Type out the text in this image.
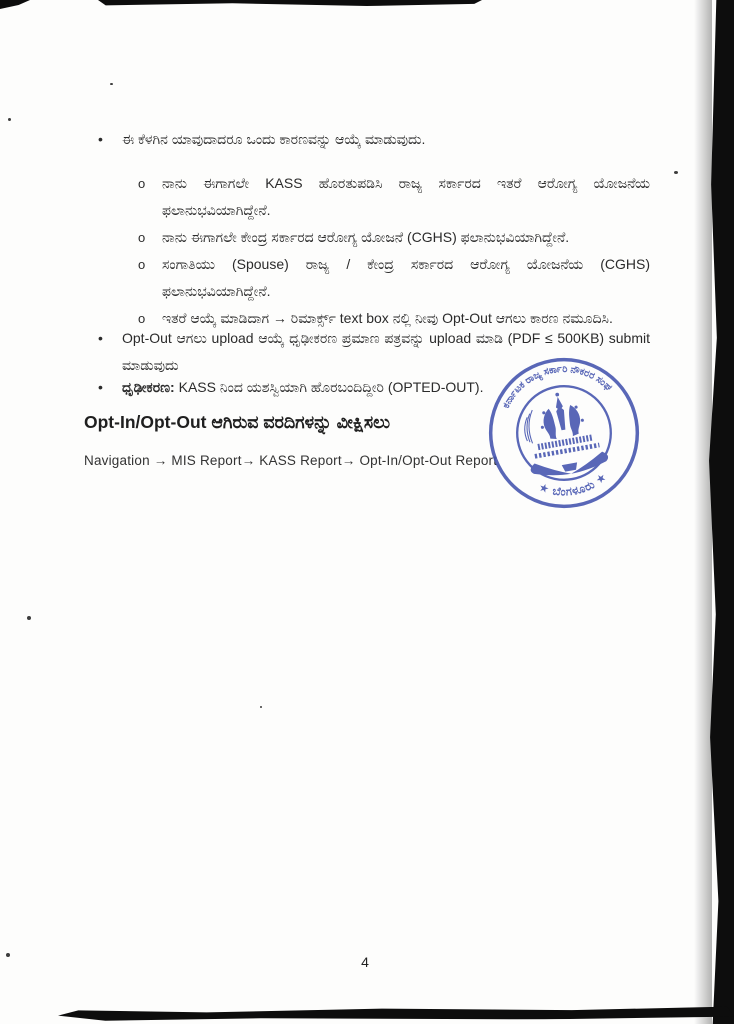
• ಈ ಕೆಳಗಿನ ಯಾವುದಾದರೂ ಒಂದು ಕಾರಣವನ್ನು ಆಯ್ಕೆ ಮಾಡುವುದು.
o ನಾನು ಈಗಾಗಲೇ KASS ಹೊರತುಪಡಿಸಿ ರಾಜ್ಯ ಸರ್ಕಾರದ ಇತರೆ ಆರೋಗ್ಯ ಯೋಜನೆಯ ಫಲಾನುಭವಿಯಾಗಿದ್ದೇನೆ.
o ನಾನು ಈಗಾಗಲೇ ಕೇಂದ್ರ ಸರ್ಕಾರದ ಆರೋಗ್ಯ ಯೋಜನೆ (CGHS) ಫಲಾನುಭವಿಯಾಗಿದ್ದೇನೆ.
o ಸಂಗಾತಿಯು (Spouse) ರಾಜ್ಯ / ಕೇಂದ್ರ ಸರ್ಕಾರದ ಆರೋಗ್ಯ ಯೋಜನೆಯ (CGHS) ಫಲಾನುಭವಿಯಾಗಿದ್ದೇನೆ.
o ಇತರೆ ಆಯ್ಕೆ ಮಾಡಿದಾಗ → ರಿಮಾರ್ಕ್ಸ್ text box ನಲ್ಲಿ ನೀವು Opt-Out ಆಗಲು ಕಾರಣ ನಮೂದಿಸಿ.
• Opt-Out ಆಗಲು upload ಆಯ್ಕೆ ಧೃಢೀಕರಣ ಪ್ರಮಾಣ ಪತ್ರವನ್ನು upload ಮಾಡಿ (PDF ≤ 500KB) submit ಮಾಡುವುದು
• ಧೃಢೀಕರಣ: KASS ನಿಂದ ಯಶಸ್ವಿಯಾಗಿ ಹೊರಬಂದಿದ್ದೀರಿ (OPTED-OUT).
Opt-In/Opt-Out ಆಗಿರುವ ವರದಿಗಳನ್ನು ವೀಕ್ಷಿಸಲು
Navigation → MIS Report→ KASS Report→ Opt-In/Opt-Out Report
ಕರ್ನಾಟಕ ರಾಜ್ಯ ಸರ್ಕಾರಿ ನೌಕರರ ಸಂಘ
★ ಬೆಂಗಳೂರು ★
4
